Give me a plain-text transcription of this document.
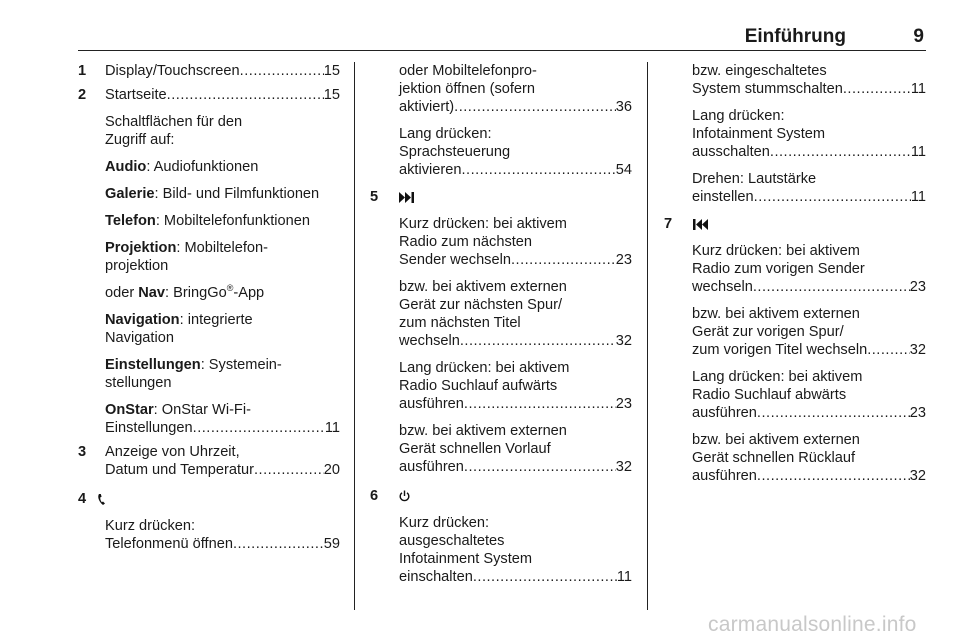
Einführung	9
1 Display/Touchscreen .....	15
2 Startseite .....	15
Schaltflächen für den
Zugriff auf:
Audio: Audiofunktionen
Galerie: Bild- und Filmfunktionen
Telefon: Mobiltelefonfunktionen
Projektion: Mobiltelefon-
projektion
oder Nav: BringGo®-App
Navigation: integrierte
Navigation
Einstellungen: Systemein-
stellungen
OnStar: OnStar Wi-Fi-
Einstellungen .....	11
3 Anzeige von Uhrzeit,
Datum und Temperatur .....	20
4
Kurz drücken:
Telefonmenü öffnen .....	59
oder Mobiltelefonpro-
jektion öffnen (sofern
aktiviert) .....	36
Lang drücken:
Sprachsteuerung
aktivieren .....	54
5
Kurz drücken: bei aktivem
Radio zum nächsten
Sender wechseln .....	23
bzw. bei aktivem externen
Gerät zur nächsten Spur/
zum nächsten Titel
wechseln .....	32
Lang drücken: bei aktivem
Radio Suchlauf aufwärts
ausführen .....	23
bzw. bei aktivem externen
Gerät schnellen Vorlauf
ausführen .....	32
6
Kurz drücken:
ausgeschaltetes
Infotainment System
einschalten .....	11
bzw. eingeschaltetes
System stummschalten .....	11
Lang drücken:
Infotainment System
ausschalten .....	11
Drehen: Lautstärke
einstellen .....	11
7
Kurz drücken: bei aktivem
Radio zum vorigen Sender
wechseln .....	23
bzw. bei aktivem externen
Gerät zur vorigen Spur/
zum vorigen Titel wechseln .....	32
Lang drücken: bei aktivem
Radio Suchlauf abwärts
ausführen .....	23
bzw. bei aktivem externen
Gerät schnellen Rücklauf
ausführen .....	32
carmanualsonline.info
